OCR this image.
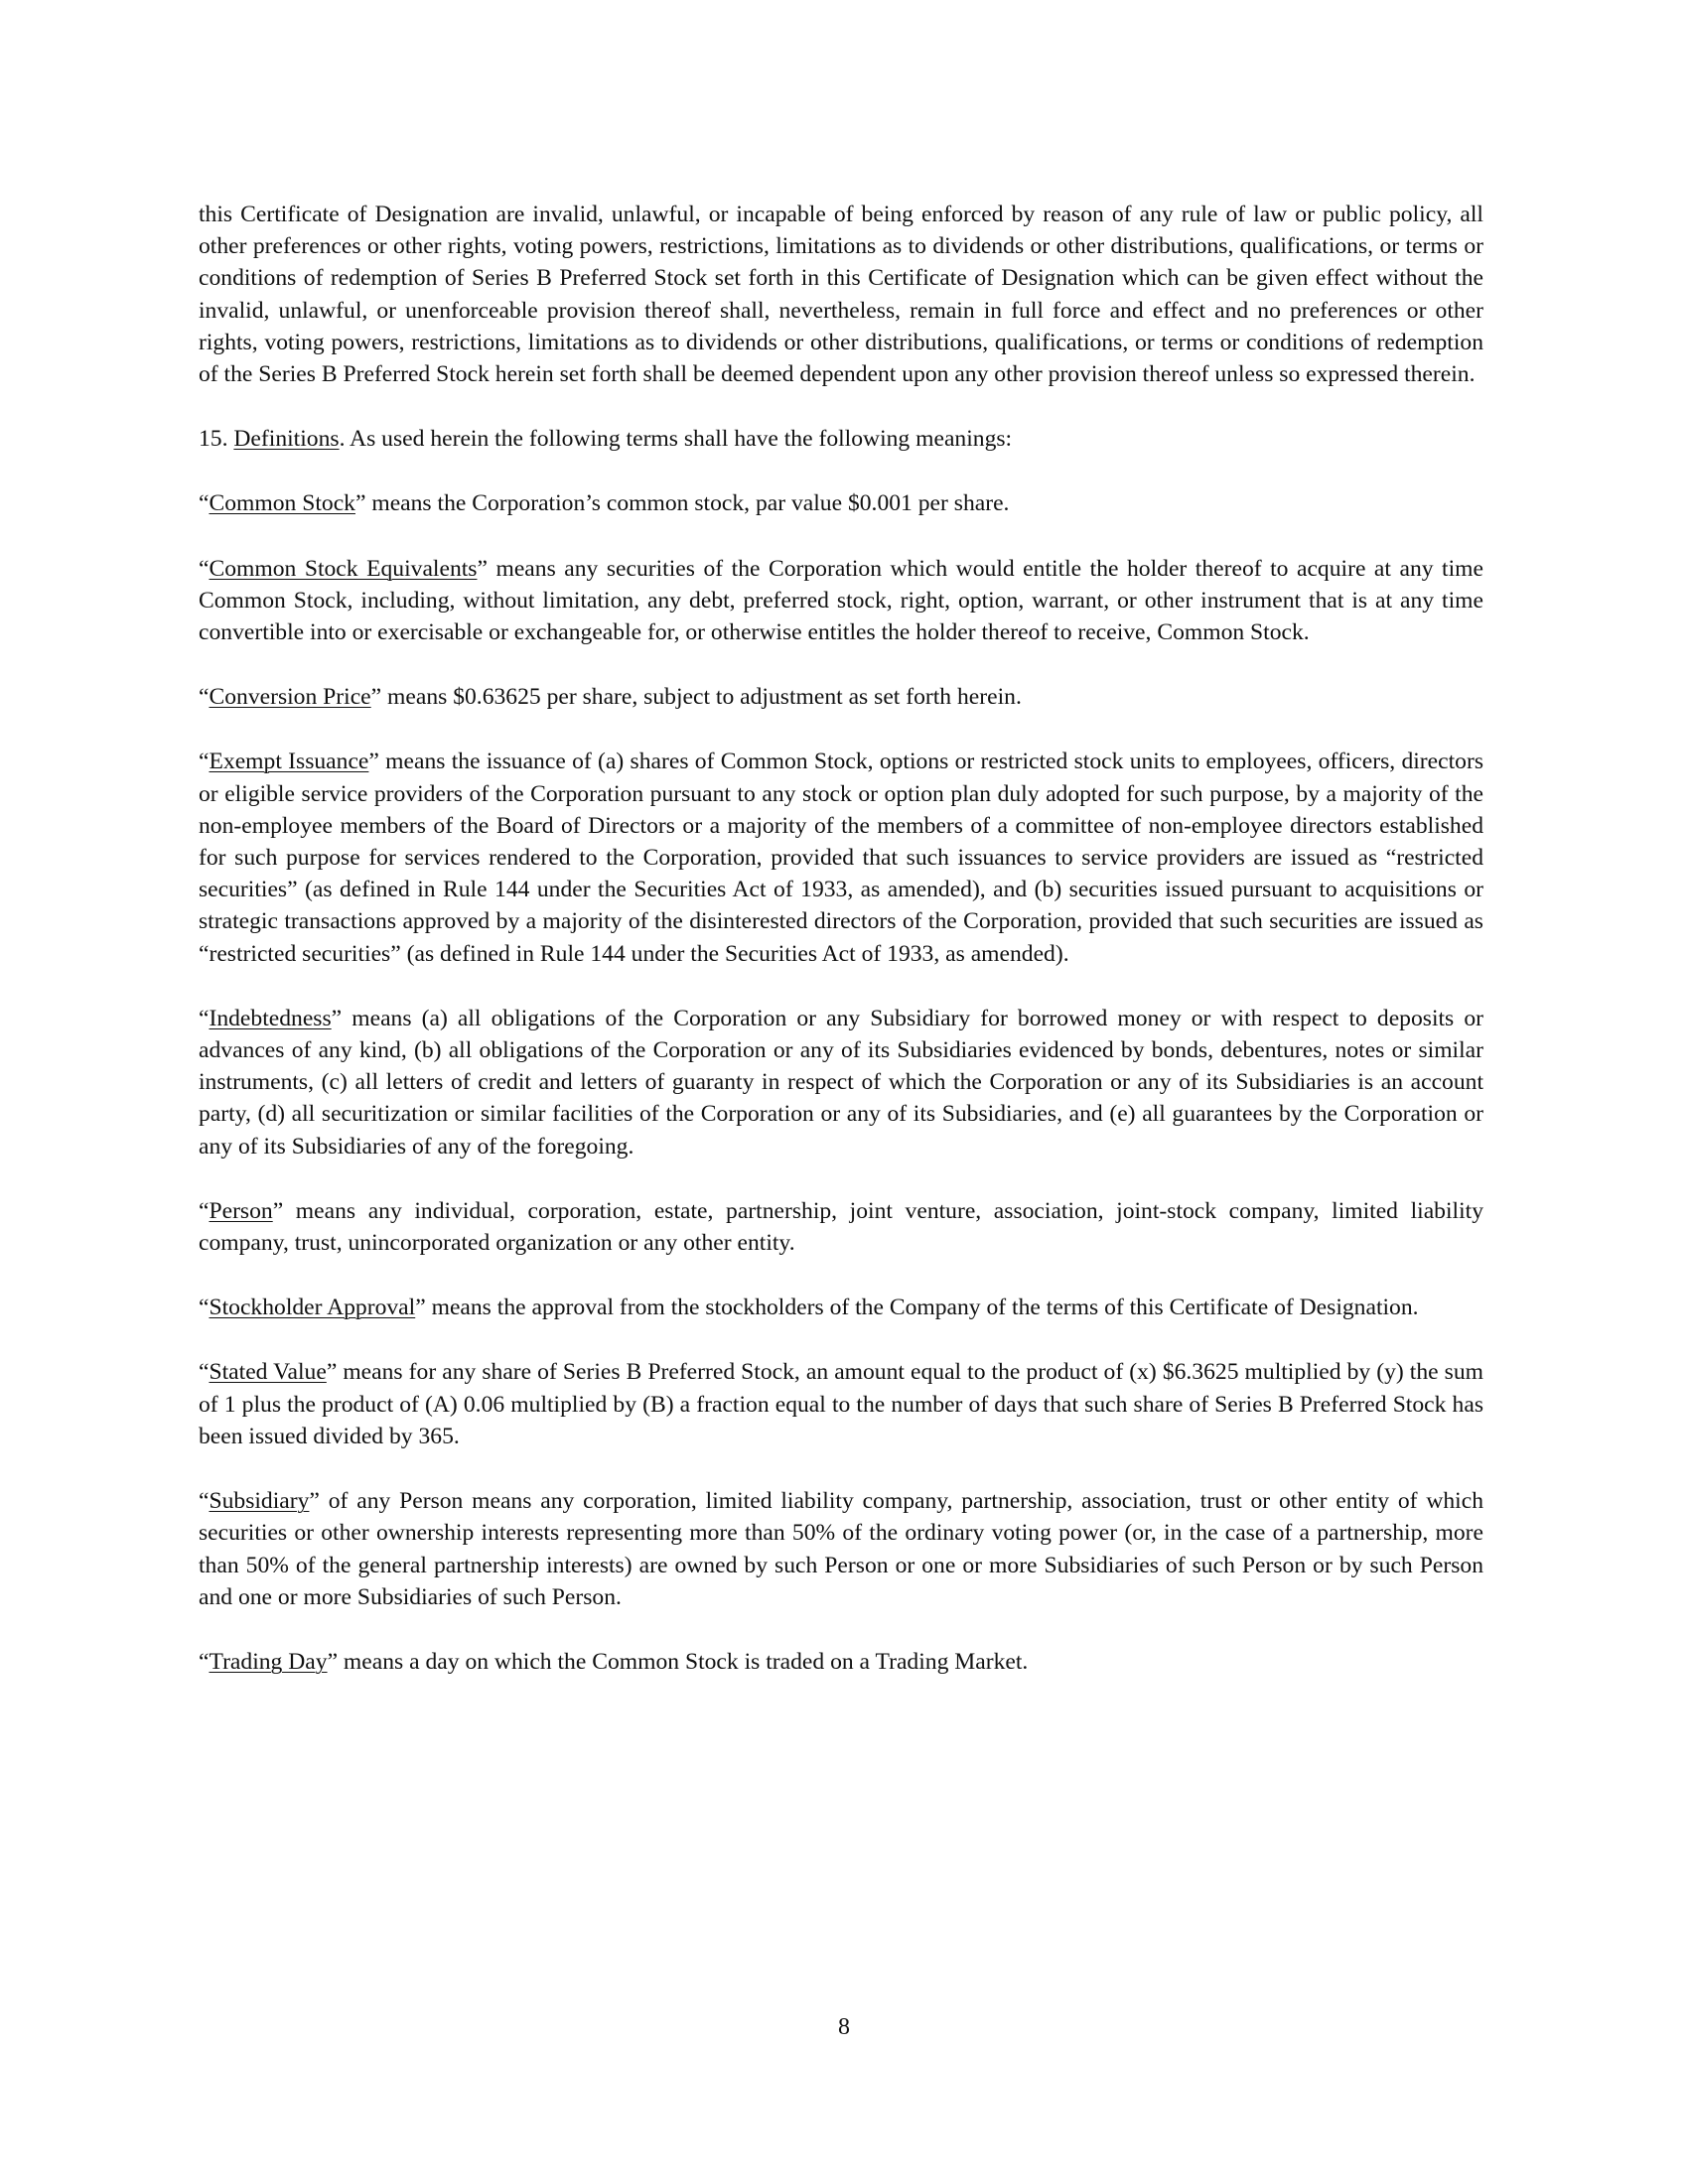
this Certificate of Designation are invalid, unlawful, or incapable of being enforced by reason of any rule of law or public policy, all other preferences or other rights, voting powers, restrictions, limitations as to dividends or other distributions, qualifications, or terms or conditions of redemption of Series B Preferred Stock set forth in this Certificate of Designation which can be given effect without the invalid, unlawful, or unenforceable provision thereof shall, nevertheless, remain in full force and effect and no preferences or other rights, voting powers, restrictions, limitations as to dividends or other distributions, qualifications, or terms or conditions of redemption of the Series B Preferred Stock herein set forth shall be deemed dependent upon any other provision thereof unless so expressed therein.

15. Definitions. As used herein the following terms shall have the following meanings:

“Common Stock” means the Corporation’s common stock, par value $0.001 per share.

“Common Stock Equivalents” means any securities of the Corporation which would entitle the holder thereof to acquire at any time Common Stock, including, without limitation, any debt, preferred stock, right, option, warrant, or other instrument that is at any time convertible into or exercisable or exchangeable for, or otherwise entitles the holder thereof to receive, Common Stock.

“Conversion Price” means $0.63625 per share, subject to adjustment as set forth herein.

“Exempt Issuance” means the issuance of (a) shares of Common Stock, options or restricted stock units to employees, officers, directors or eligible service providers of the Corporation pursuant to any stock or option plan duly adopted for such purpose, by a majority of the non-employee members of the Board of Directors or a majority of the members of a committee of non-employee directors established for such purpose for services rendered to the Corporation, provided that such issuances to service providers are issued as “restricted securities” (as defined in Rule 144 under the Securities Act of 1933, as amended), and (b) securities issued pursuant to acquisitions or strategic transactions approved by a majority of the disinterested directors of the Corporation, provided that such securities are issued as “restricted securities” (as defined in Rule 144 under the Securities Act of 1933, as amended).

“Indebtedness” means (a) all obligations of the Corporation or any Subsidiary for borrowed money or with respect to deposits or advances of any kind, (b) all obligations of the Corporation or any of its Subsidiaries evidenced by bonds, debentures, notes or similar instruments, (c) all letters of credit and letters of guaranty in respect of which the Corporation or any of its Subsidiaries is an account party, (d) all securitization or similar facilities of the Corporation or any of its Subsidiaries, and (e) all guarantees by the Corporation or any of its Subsidiaries of any of the foregoing.

“Person” means any individual, corporation, estate, partnership, joint venture, association, joint-stock company, limited liability company, trust, unincorporated organization or any other entity.

“Stockholder Approval” means the approval from the stockholders of the Company of the terms of this Certificate of Designation.

“Stated Value” means for any share of Series B Preferred Stock, an amount equal to the product of (x) $6.3625 multiplied by (y) the sum of 1 plus the product of (A) 0.06 multiplied by (B) a fraction equal to the number of days that such share of Series B Preferred Stock has been issued divided by 365.

“Subsidiary” of any Person means any corporation, limited liability company, partnership, association, trust or other entity of which securities or other ownership interests representing more than 50% of the ordinary voting power (or, in the case of a partnership, more than 50% of the general partnership interests) are owned by such Person or one or more Subsidiaries of such Person or by such Person and one or more Subsidiaries of such Person.

“Trading Day” means a day on which the Common Stock is traded on a Trading Market.

8
